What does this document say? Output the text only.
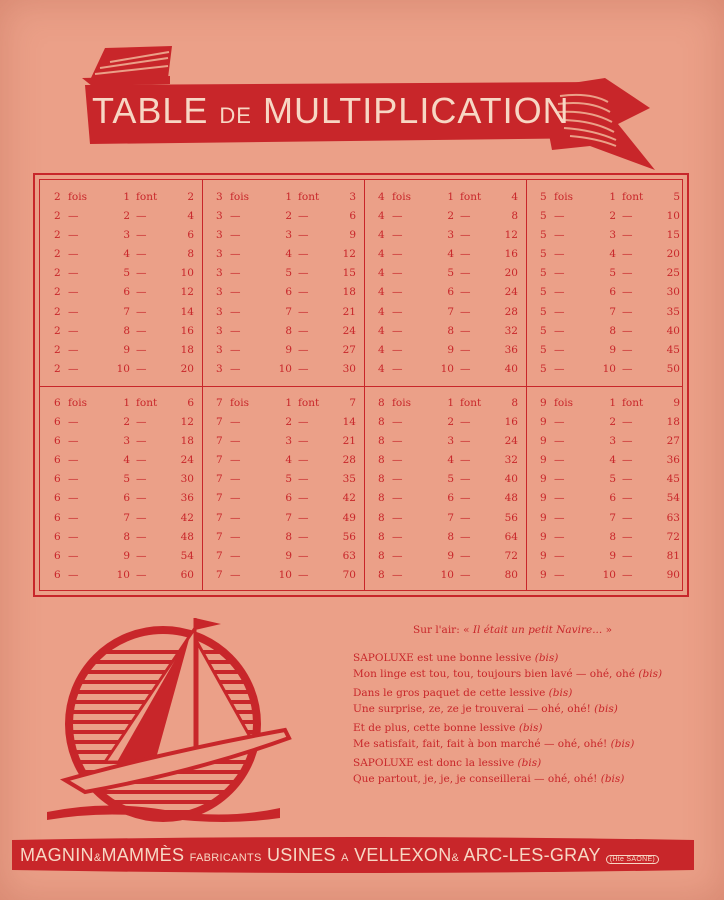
TABLE DE MULTIPLICATION
2 fois	1 font	2
2 —	2 —	4
2 —	3 —	6
2 —	4 —	8
2 —	5 —	10
2 —	6 —	12
2 —	7 —	14
2 —	8 —	16
2 —	9 —	18
2 —	10 —	20
3 fois	1 font	3
3 —	2 —	6
3 —	3 —	9
3 —	4 —	12
3 —	5 —	15
3 —	6 —	18
3 —	7 —	21
3 —	8 —	24
3 —	9 —	27
3 —	10 —	30
4 fois	1 font	4
4 —	2 —	8
4 —	3 —	12
4 —	4 —	16
4 —	5 —	20
4 —	6 —	24
4 —	7 —	28
4 —	8 —	32
4 —	9 —	36
4 —	10 —	40
5 fois	1 font	5
5 —	2 —	10
5 —	3 —	15
5 —	4 —	20
5 —	5 —	25
5 —	6 —	30
5 —	7 —	35
5 —	8 —	40
5 —	9 —	45
5 —	10 —	50
6 fois	1 font	6
6 —	2 —	12
6 —	3 —	18
6 —	4 —	24
6 —	5 —	30
6 —	6 —	36
6 —	7 —	42
6 —	8 —	48
6 —	9 —	54
6 —	10 —	60
7 fois	1 font	7
7 —	2 —	14
7 —	3 —	21
7 —	4 —	28
7 —	5 —	35
7 —	6 —	42
7 —	7 —	49
7 —	8 —	56
7 —	9 —	63
7 —	10 —	70
8 fois	1 font	8
8 —	2 —	16
8 —	3 —	24
8 —	4 —	32
8 —	5 —	40
8 —	6 —	48
8 —	7 —	56
8 —	8 —	64
8 —	9 —	72
8 —	10 —	80
9 fois	1 font	9
9 —	2 —	18
9 —	3 —	27
9 —	4 —	36
9 —	5 —	45
9 —	6 —	54
9 —	7 —	63
9 —	8 —	72
9 —	9 —	81
9 —	10 —	90
Sur l'air: « Il était un petit Navire... »

SAPOLUXE est une bonne lessive (bis)
Mon linge est tou, tou, toujours bien lavé — ohé, ohé (bis)

Dans le gros paquet de cette lessive (bis)
Une surprise, ze, ze je trouverai — ohé, ohé! (bis)

Et de plus, cette bonne lessive (bis)
Me satisfait, fait, fait à bon marché — ohé, ohé! (bis)

SAPOLUXE est donc la lessive (bis)
Que partout, je, je, je conseillerai — ohé, ohé! (bis)

MAGNIN&MAMMÈS FABRICANTS USINES A VELLEXON& ARC-LES-GRAY (Hte SAONE)
